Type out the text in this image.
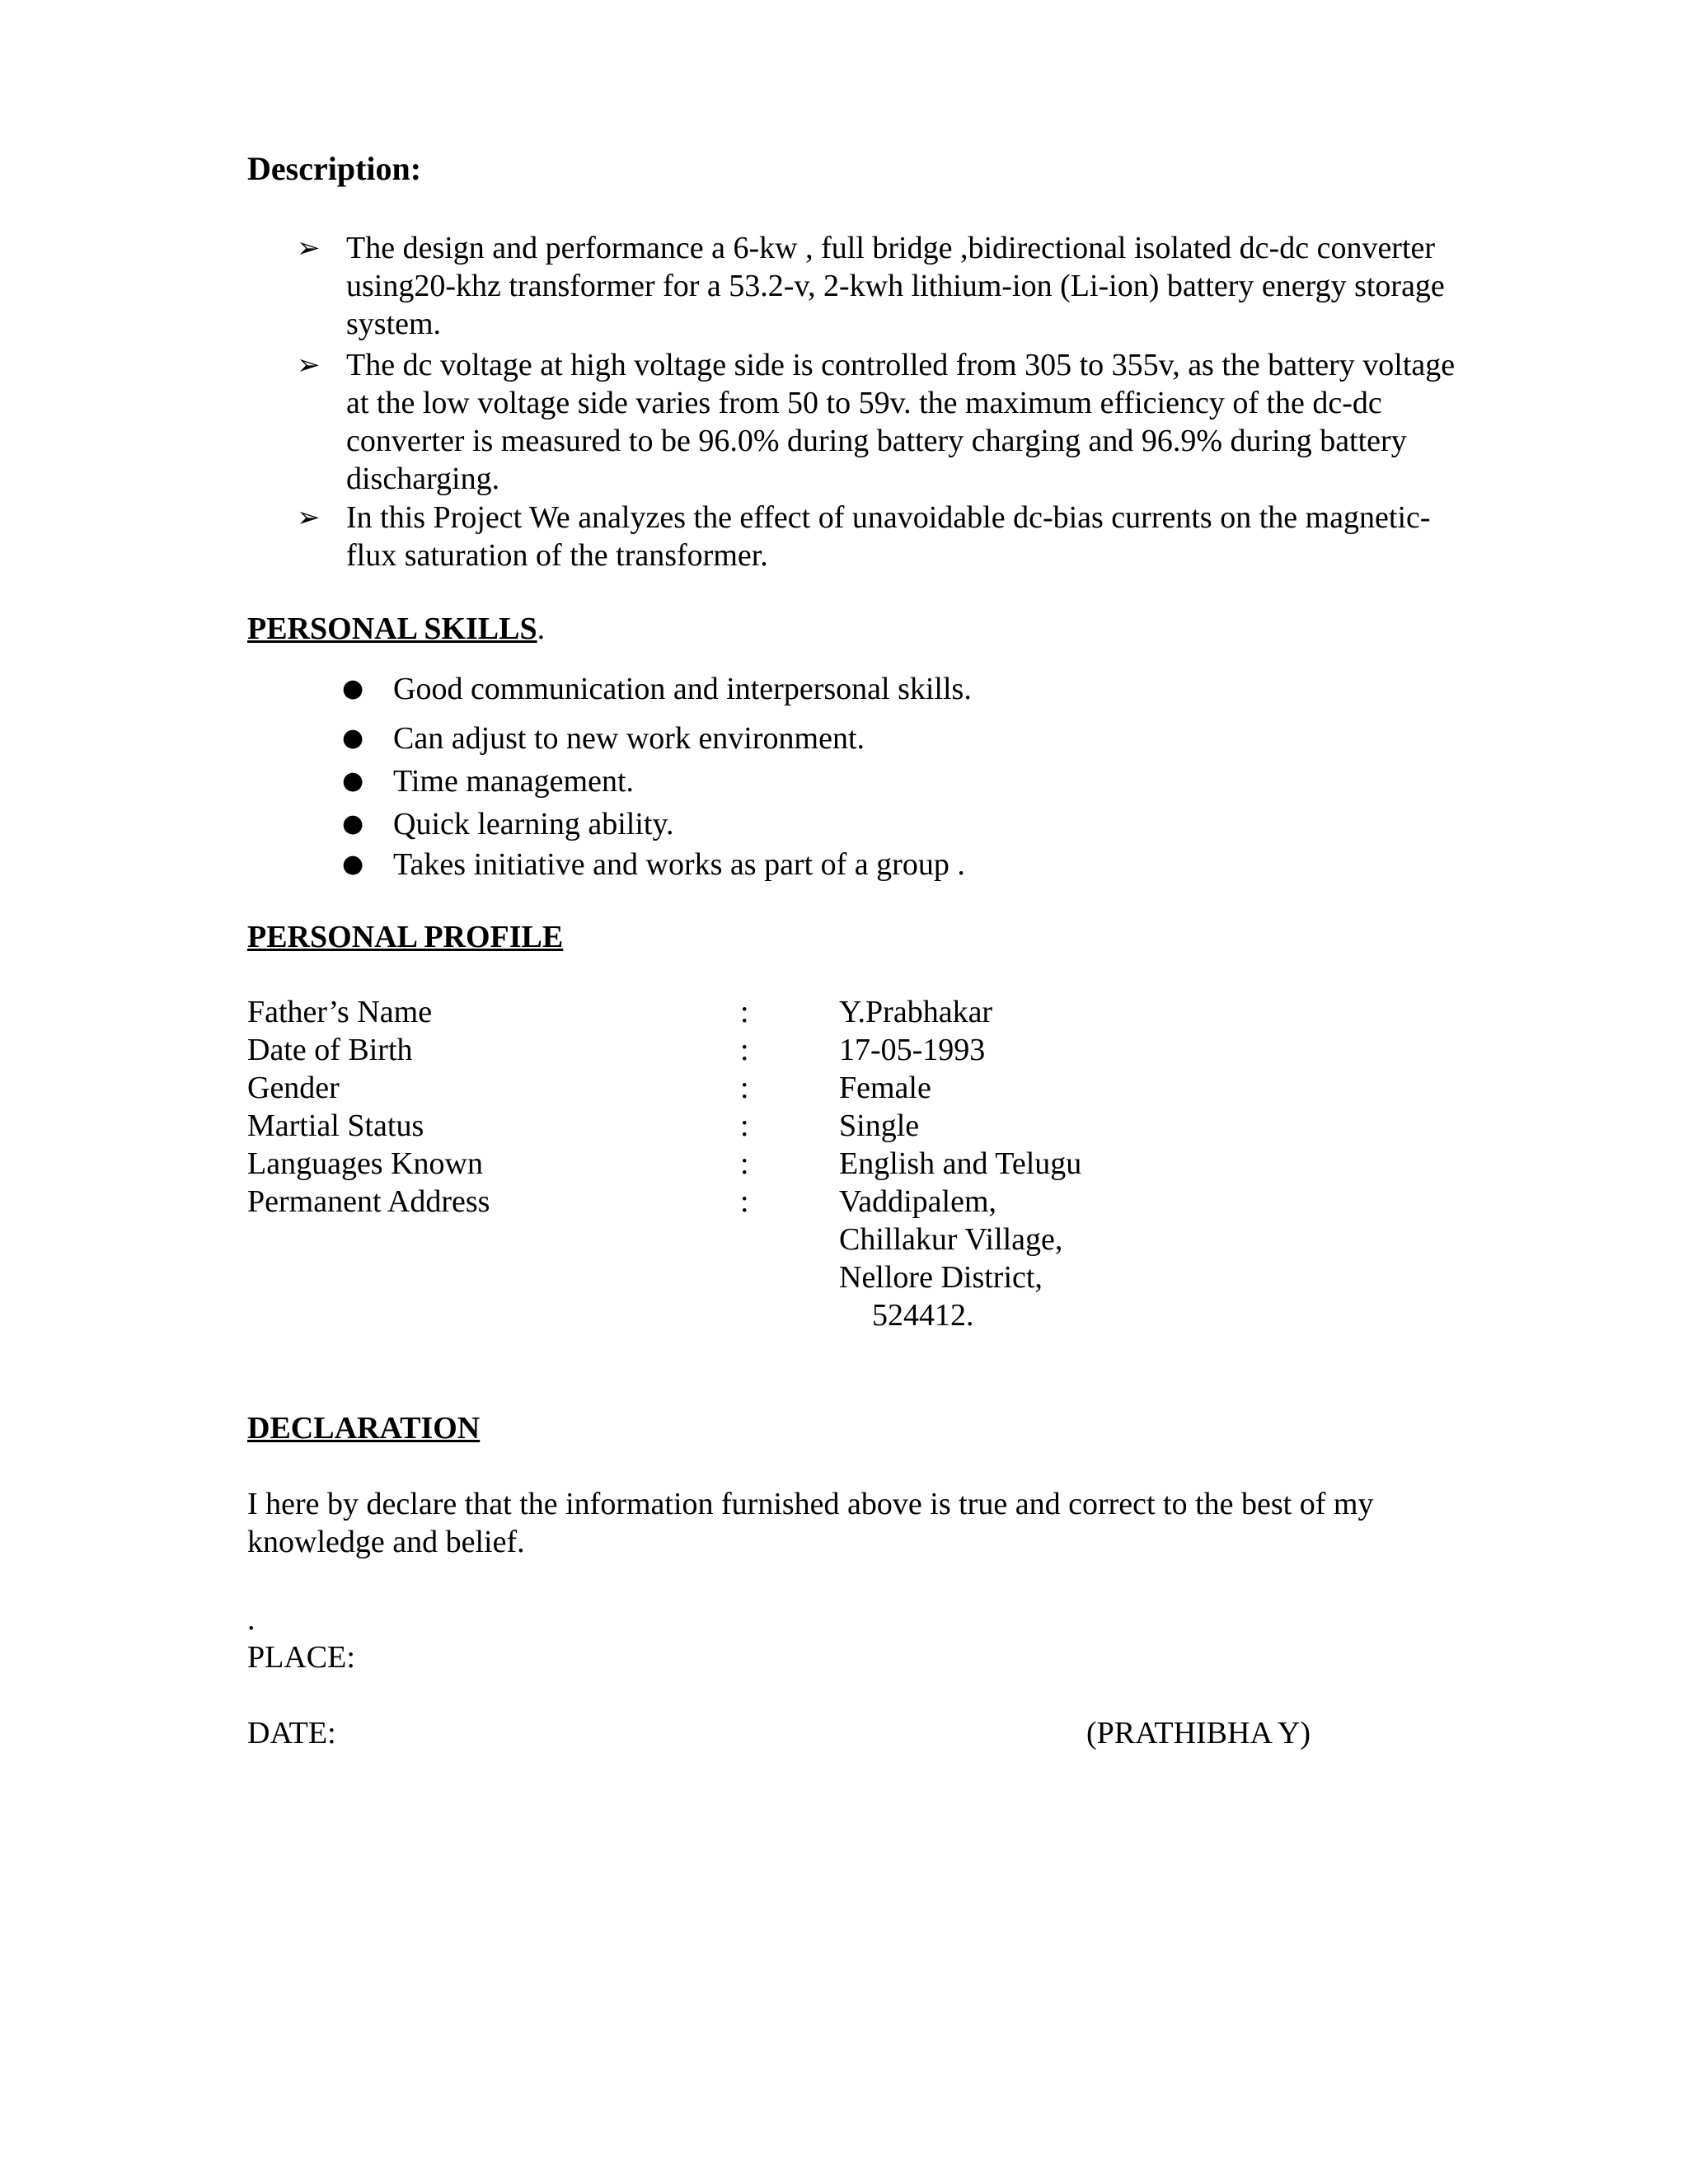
Description:
➢ The design and performance a 6-kw , full bridge ,bidirectional isolated dc-dc converter using20-khz transformer for a 53.2-v, 2-kwh lithium-ion (Li-ion) battery energy storage system.
➢ The dc voltage at high voltage side is controlled from 305 to 355v, as the battery voltage at the low voltage side varies from 50 to 59v. the maximum efficiency of the dc-dc converter is measured to be 96.0% during battery charging and 96.9% during battery discharging.
➢ In this Project We analyzes the effect of unavoidable dc-bias currents on the magnetic-flux saturation of the transformer.
PERSONAL SKILLS.
● Good communication and interpersonal skills.
● Can adjust to new work environment.
● Time management.
● Quick learning ability.
● Takes initiative and works as part of a group .
PERSONAL PROFILE
Father’s Name	:	Y.Prabhakar
Date of Birth	:	17-05-1993
Gender	:	Female
Martial Status	:	Single
Languages Known	:	English and Telugu
Permanent Address	:	Vaddipalem,
Chillakur Village,
Nellore District,
524412.
DECLARATION
I here by declare that the information furnished above is true and correct to the best of my knowledge and belief.
.
PLACE:
DATE:	(PRATHIBHA Y)
